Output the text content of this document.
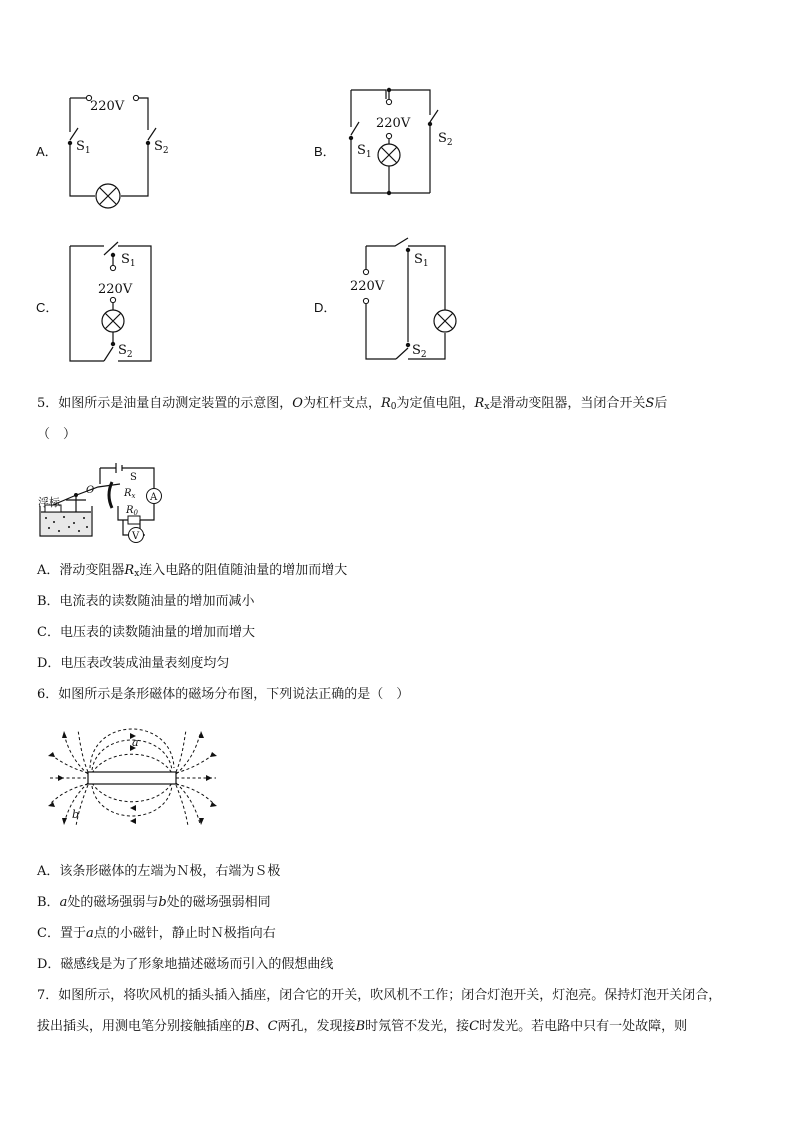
A．
220V
$S_1$	$S_2$	B．
220V
$S_1$
$S_2$
C．
220V
$S_1$
$S_2$
D．
220V
$S_1$
$S_2$
5．如图所示是油量自动测定装置的示意图，O为杠杆支点，$R_0$为定值电阻，$R_x$是滑动变阻器，当闭合开关S后
（　）
浮标
O
S
$R_x$ A
$R_0$
V
A．滑动变阻器$R_x$连入电路的阻值随油量的增加而增大
B．电流表的读数随油量的增加而减小
C．电压表的读数随油量的增加而增大
D．电压表改装成油量表刻度均匀
6．如图所示是条形磁体的磁场分布图，下列说法正确的是（　）
a
b
A．该条形磁体的左端为Ｎ极，右端为Ｓ极
B．a处的磁场强弱与b处的磁场强弱相同
C．置于a点的小磁针，静止时Ｎ极指向右
D．磁感线是为了形象地描述磁场而引入的假想曲线
7．如图所示，将吹风机的插头插入插座，闭合它的开关，吹风机不工作；闭合灯泡开关，灯泡亮。保持灯泡开关闭合，
拔出插头，用测电笔分别接触插座的B、C两孔，发现接B时氖管不发光，接C时发光。若电路中只有一处故障，则
